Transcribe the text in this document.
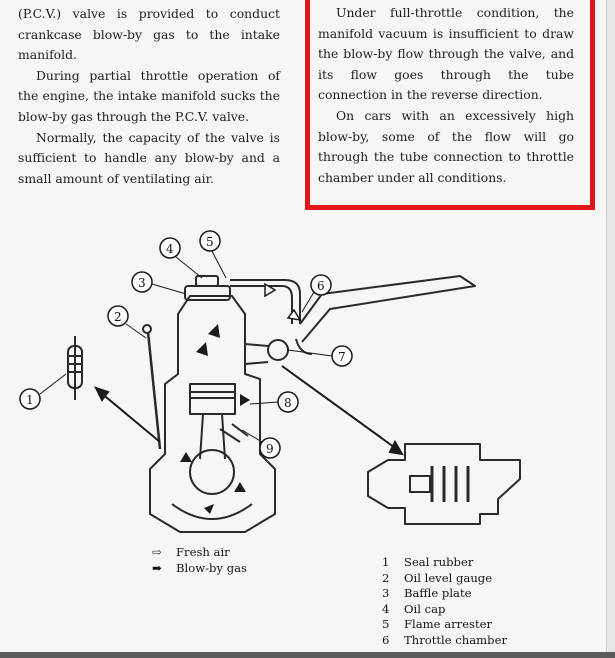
(P.C.V.) valve is provided to conduct crankcase blow-by gas to the intake manifold.

During partial throttle operation of the engine, the intake manifold sucks the blow-by gas through the P.C.V. valve.

Normally, the capacity of the valve is sufficient to handle any blow-by and a small amount of ventilating air.

Under full-throttle condition, the manifold vacuum is insufficient to draw the blow-by flow through the valve, and its flow goes through the tube connection in the reverse direction.

On cars with an excessively high blow-by, some of the flow will go through the tube connection to throttle chamber under all conditions.

1
2
3
4	5
6
7
8
9
⇨ Fresh air
➡ Blow-by gas	1 Seal rubber
2 Oil level gauge
3 Baffle plate
4 Oil cap
5 Flame arrester
6 Throttle chamber
